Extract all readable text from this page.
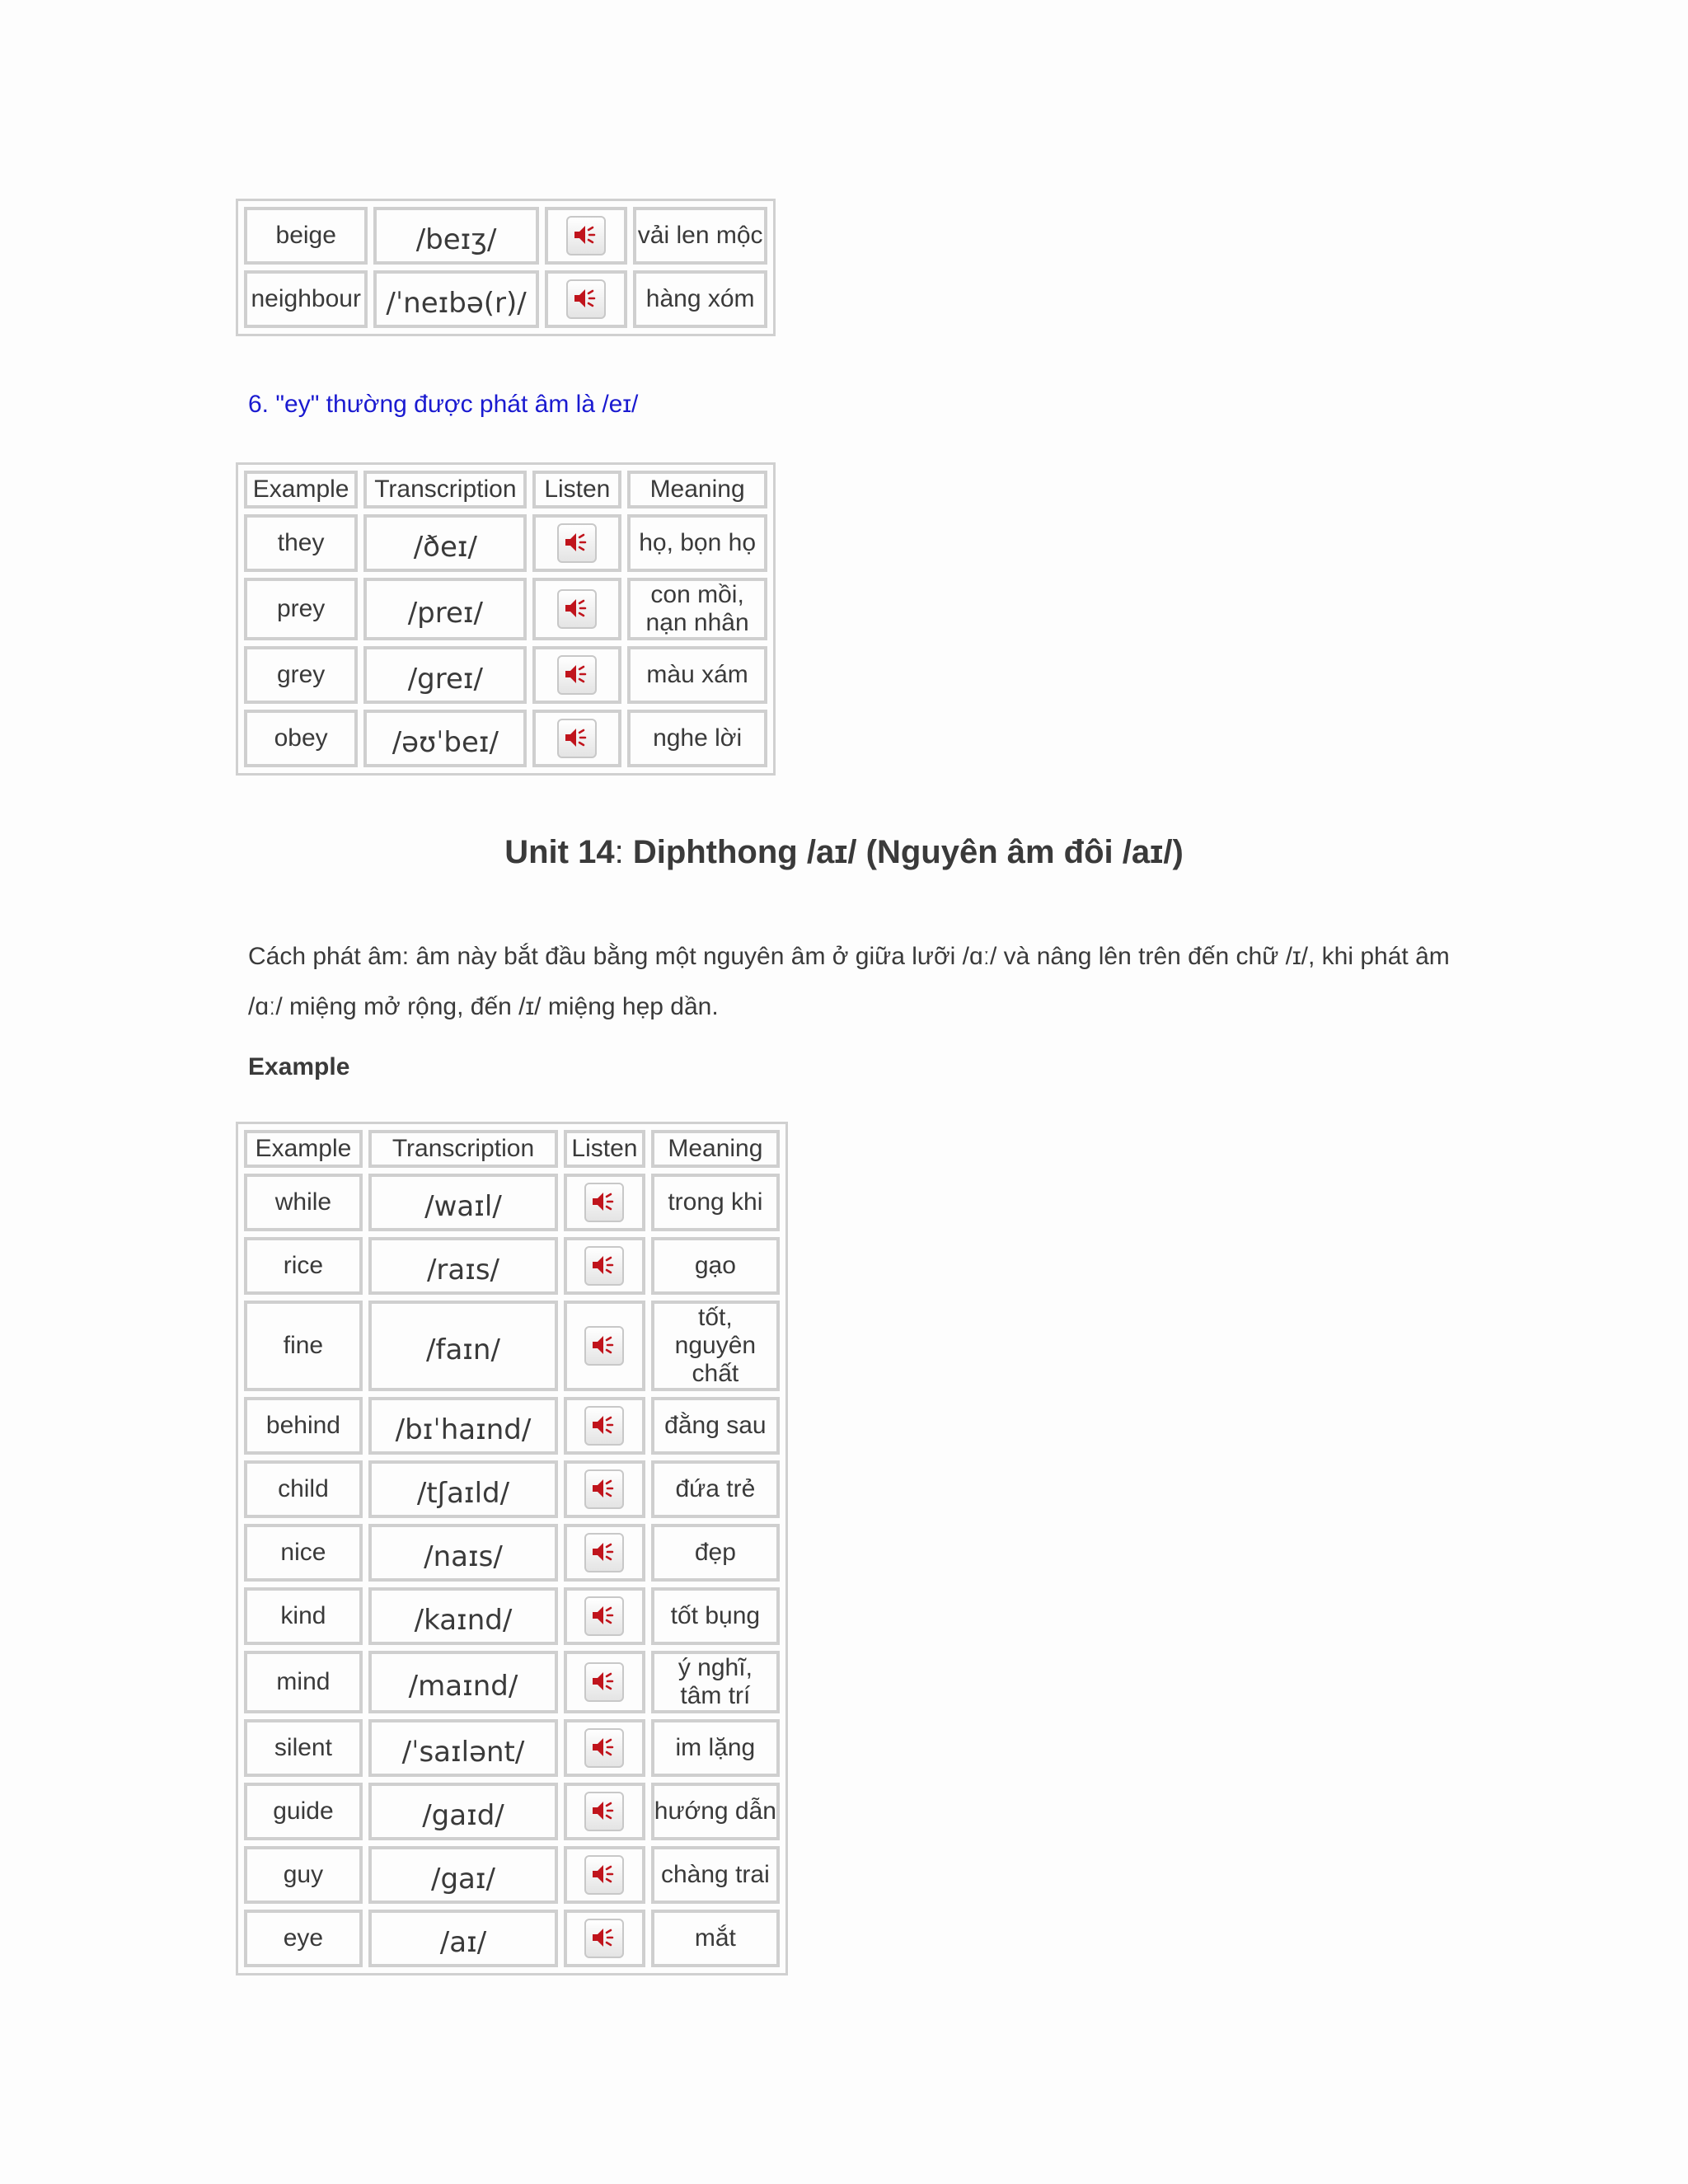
beige	/beɪʒ/		vải len mộc
neighbour	/ˈneɪbə(r)/		hàng xóm

6. "ey" thường được phát âm là /eɪ/

Example	Transcription	Listen	Meaning
they	/ðeɪ/		họ, bọn họ
prey	/preɪ/		con mồi, nạn nhân
grey	/greɪ/		màu xám
obey	/əʊˈbeɪ/		nghe lời
Unit 14: Diphthong /aɪ/ (Nguyên âm đôi /aɪ/)

Cách phát âm: âm này bắt đầu bằng một nguyên âm ở giữa lưỡi /ɑː/ và nâng lên trên đến chữ /ɪ/, khi phát âm /ɑː/ miệng mở rộng, đến /ɪ/ miệng hẹp dần.

Example

Example	Transcription	Listen	Meaning
while	/waɪl/		trong khi
rice	/raɪs/		gạo
fine	/faɪn/		tốt, nguyên chất
behind	/bɪˈhaɪnd/		đằng sau
child	/tʃaɪld/		đứa trẻ
nice	/naɪs/		đẹp
kind	/kaɪnd/		tốt bụng
mind	/maɪnd/		ý nghĩ, tâm trí
silent	/ˈsaɪlənt/		im lặng
guide	/gaɪd/		hướng dẫn
guy	/gaɪ/		chàng trai
eye	/aɪ/		mắt
